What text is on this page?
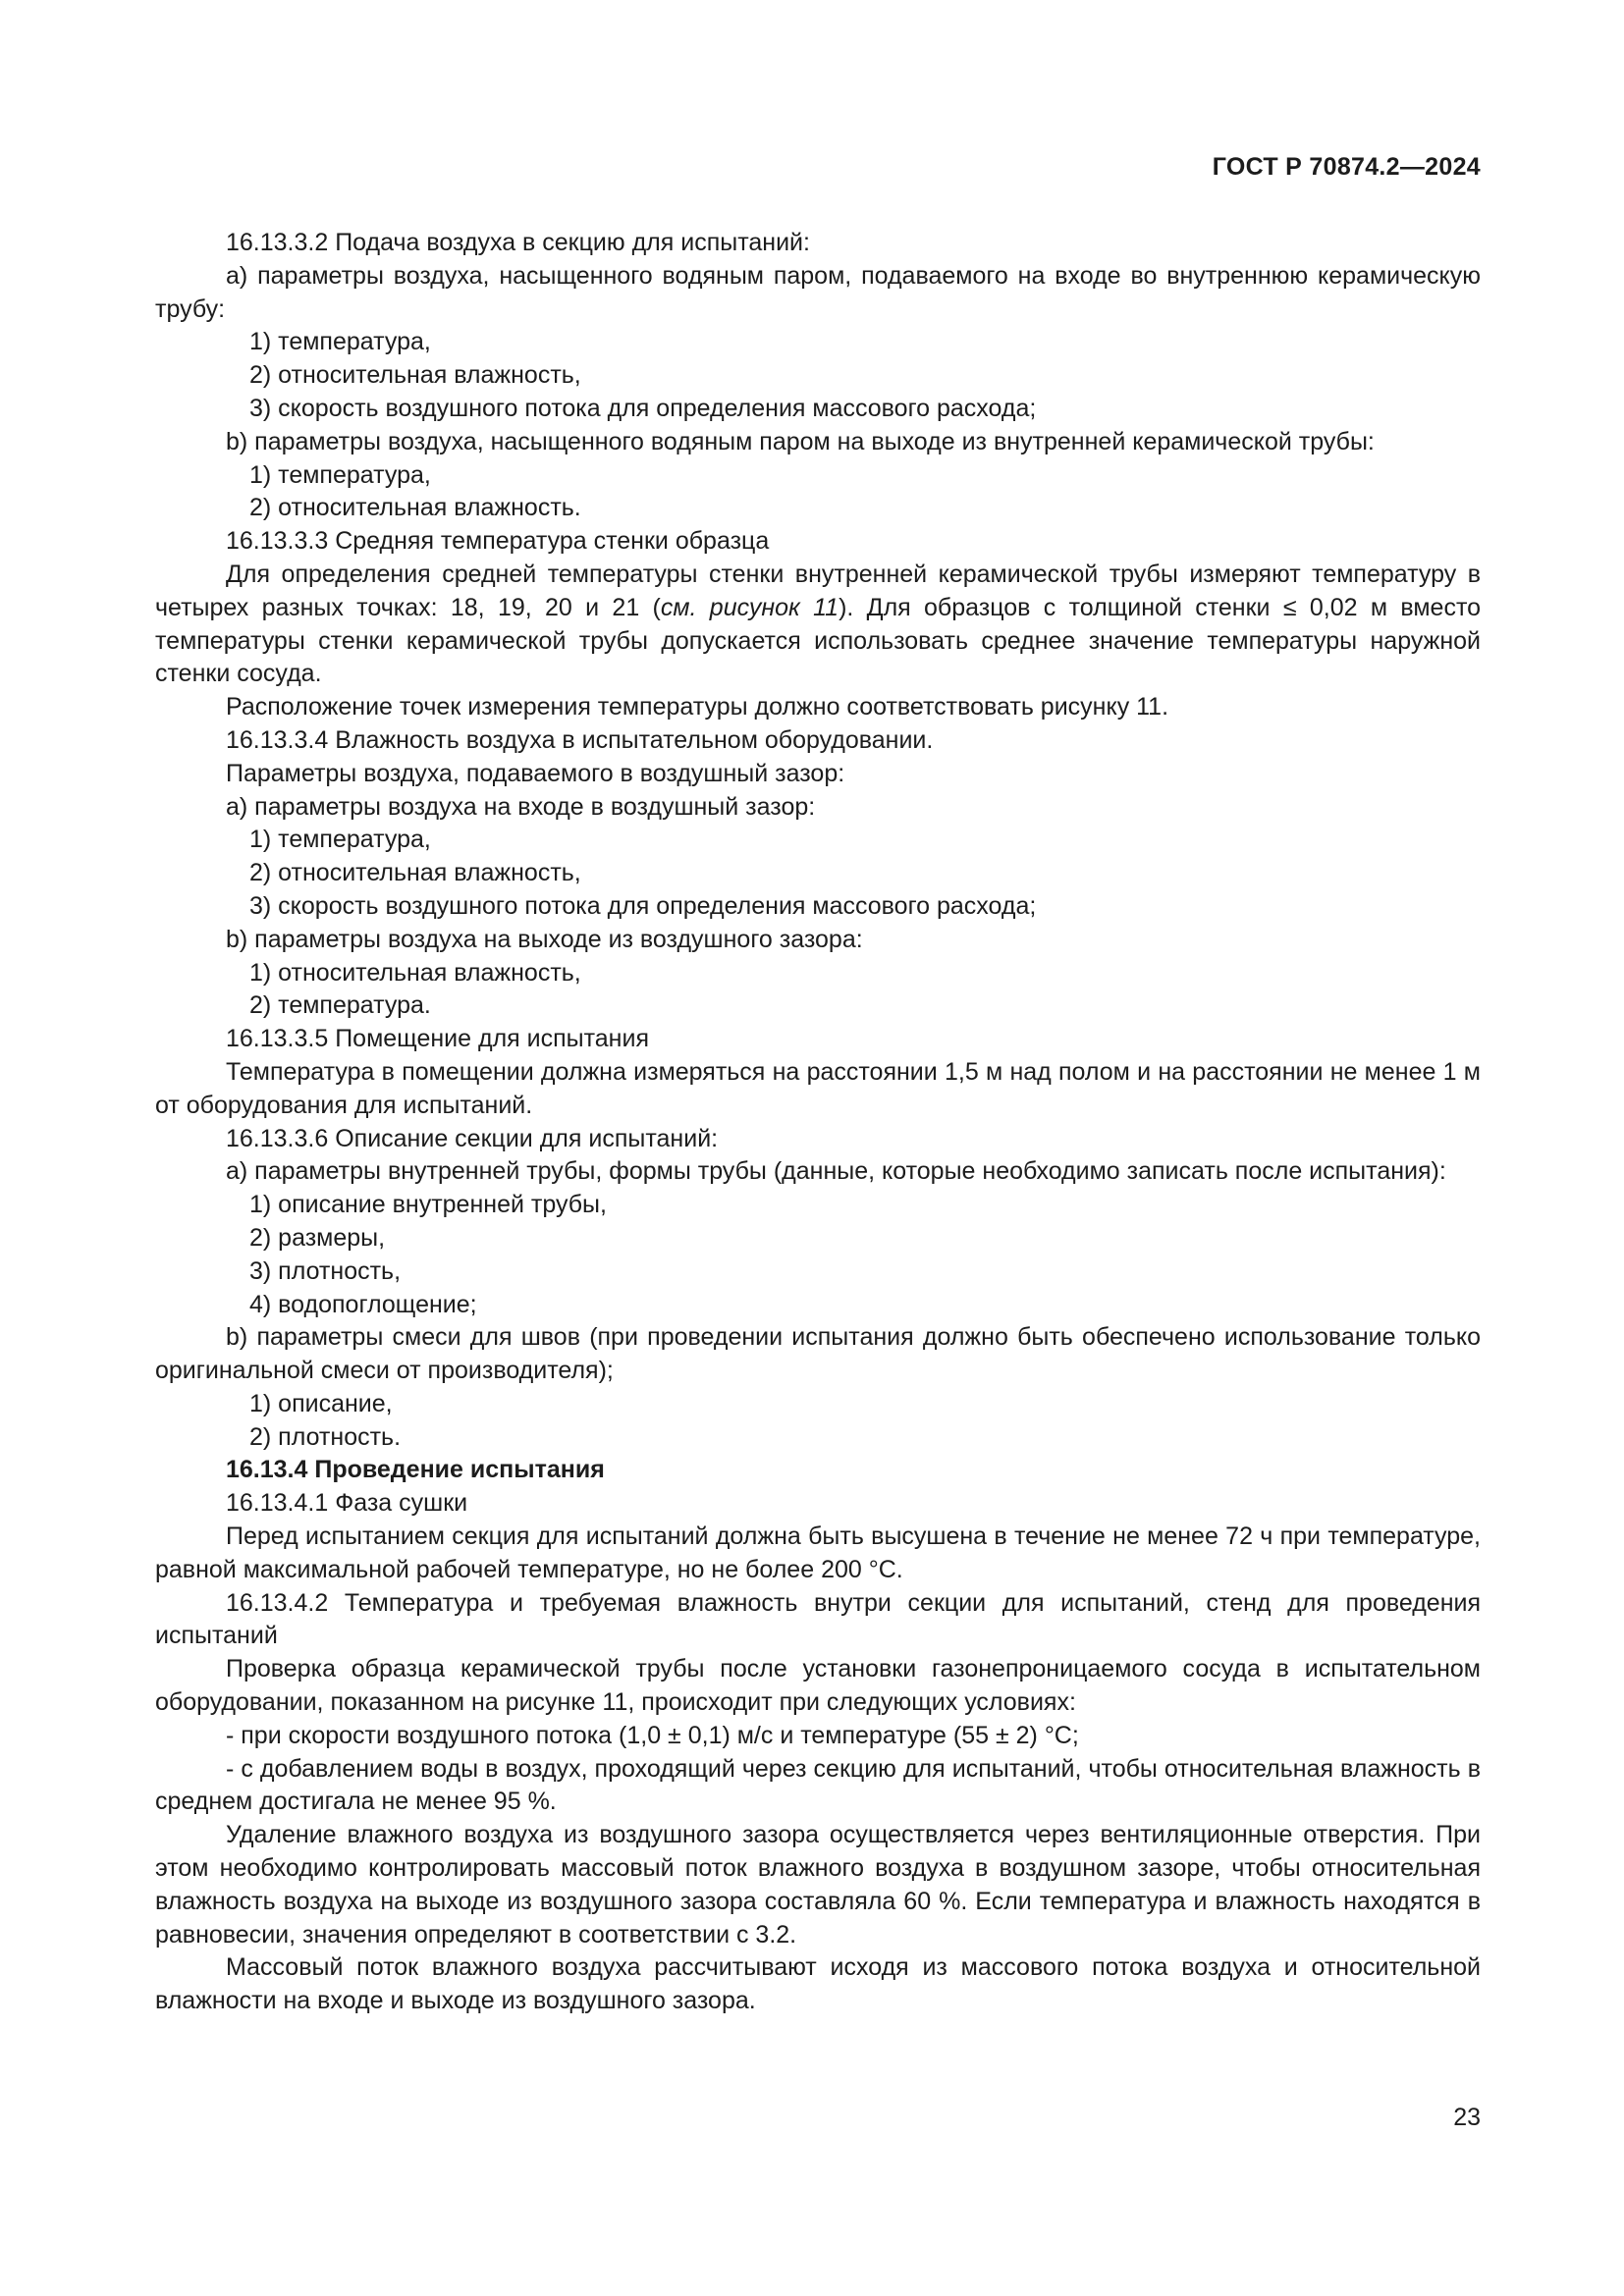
ГОСТ Р 70874.2—2024

16.13.3.2 Подача воздуха в секцию для испытаний:

а) параметры воздуха, насыщенного водяным паром, подаваемого на входе во внутреннюю керамическую трубу:

1) температура,

2) относительная влажность,

3) скорость воздушного потока для определения массового расхода;

b) параметры воздуха, насыщенного водяным паром на выходе из внутренней керамической трубы:

1) температура,

2) относительная влажность.

16.13.3.3 Средняя температура стенки образца

Для определения средней температуры стенки внутренней керамической трубы измеряют температуру в четырех разных точках: 18, 19, 20 и 21 (см. рисунок 11). Для образцов с толщиной стенки ≤ 0,02 м вместо температуры стенки керамической трубы допускается использовать среднее значение температуры наружной стенки сосуда.

Расположение точек измерения температуры должно соответствовать рисунку 11.

16.13.3.4 Влажность воздуха в испытательном оборудовании.

Параметры воздуха, подаваемого в воздушный зазор:

а) параметры воздуха на входе в воздушный зазор:

1) температура,

2) относительная влажность,

3) скорость воздушного потока для определения массового расхода;

b) параметры воздуха на выходе из воздушного зазора:

1) относительная влажность,

2) температура.

16.13.3.5 Помещение для испытания

Температура в помещении должна измеряться на расстоянии 1,5 м над полом и на расстоянии не менее 1 м от оборудования для испытаний.

16.13.3.6 Описание секции для испытаний:

а) параметры внутренней трубы, формы трубы (данные, которые необходимо записать после испытания):

1) описание внутренней трубы,

2) размеры,

3) плотность,

4) водопоглощение;

b) параметры смеси для швов (при проведении испытания должно быть обеспечено использование только оригинальной смеси от производителя);

1) описание,

2) плотность.

16.13.4 Проведение испытания

16.13.4.1 Фаза сушки

Перед испытанием секция для испытаний должна быть высушена в течение не менее 72 ч при температуре, равной максимальной рабочей температуре, но не более 200 °С.

16.13.4.2 Температура и требуемая влажность внутри секции для испытаний, стенд для проведения испытаний

Проверка образца керамической трубы после установки газонепроницаемого сосуда в испытательном оборудовании, показанном на рисунке 11, происходит при следующих условиях:

- при скорости воздушного потока (1,0 ± 0,1) м/с и температуре (55 ± 2) °С;

- с добавлением воды в воздух, проходящий через секцию для испытаний, чтобы относительная влажность в среднем достигала не менее 95 %.

Удаление влажного воздуха из воздушного зазора осуществляется через вентиляционные отверстия. При этом необходимо контролировать массовый поток влажного воздуха в воздушном зазоре, чтобы относительная влажность воздуха на выходе из воздушного зазора составляла 60 %. Если температура и влажность находятся в равновесии, значения определяют в соответствии с 3.2.

Массовый поток влажного воздуха рассчитывают исходя из массового потока воздуха и относительной влажности на входе и выходе из воздушного зазора.

23
